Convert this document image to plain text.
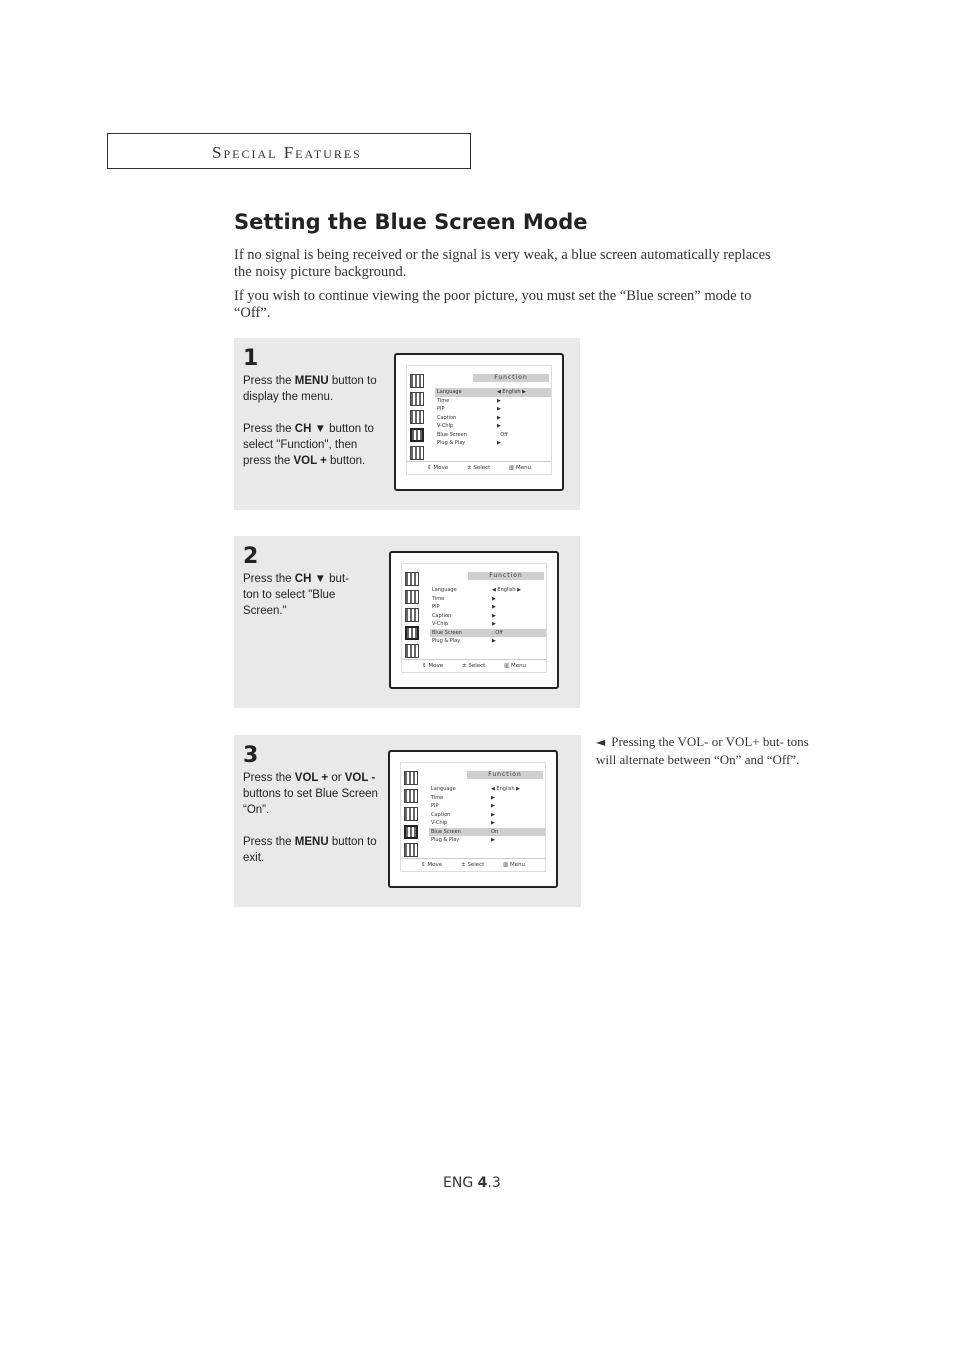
Special Features
Setting the Blue Screen Mode

If no signal is being received or the signal is very weak, a blue screen automatically replaces the noisy picture background.

If you wish to continue viewing the poor picture, you must set the “Blue screen” mode to “Off”.

1
Press the MENU button to display the menu.

Press the CH ▼ button to select "Function", then press the VOL + button.
Function
Language	◀ English ▶
Time	▶
PIP	▶
Caption	▶
V-Chip	▶
Blue Screen	: Off
Plug & Play	▶
⇕ Move	± Select	▥ Menu
2
Press the CH ▼ but- ton to select "Blue Screen."
Function
Language	◀ English ▶
Time	▶
PIP	▶
Caption	▶
V-Chip	▶
Blue Screen	: Off
Plug & Play	▶
⇕ Move	± Select	▥ Menu
3
Press the VOL + or VOL - buttons to set Blue Screen “On”.

Press the MENU button to exit.
Function
Language	◀ English ▶
Time	▶
PIP	▶
Caption	▶
V-Chip	▶
Blue Screen	On
Plug & Play	▶
⇕ Move	± Select	▥ Menu

◄ Pressing the VOL- or VOL+ but- tons will alternate between “On” and “Off”.

ENG 4.3
